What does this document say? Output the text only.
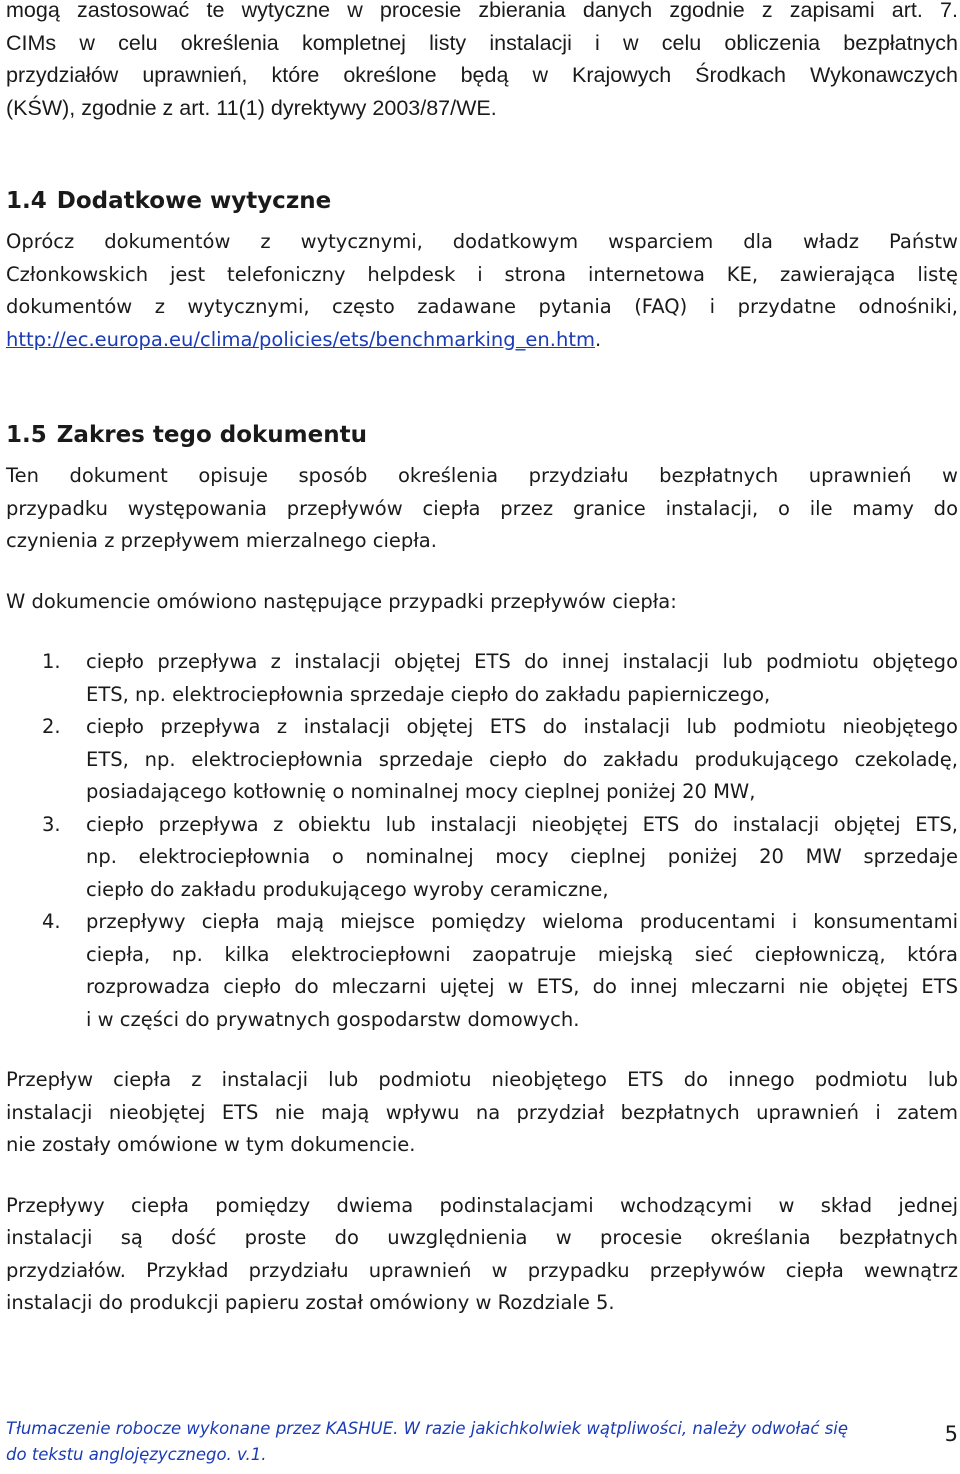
mogą zastosować te wytyczne w procesie zbierania danych zgodnie z zapisami art. 7.
CIMs w celu określenia kompletnej listy instalacji i w celu obliczenia bezpłatnych
przydziałów uprawnień, które określone będą w Krajowych Środkach Wykonawczych
(KŚW), zgodnie z art. 11(1) dyrektywy 2003/87/WE.
1.4 Dodatkowe wytyczne
Oprócz dokumentów z wytycznymi, dodatkowym wsparciem dla władz Państw
Członkowskich jest telefoniczny helpdesk i strona internetowa KE, zawierająca listę
dokumentów z wytycznymi, często zadawane pytania (FAQ) i przydatne odnośniki,
http://ec.europa.eu/clima/policies/ets/benchmarking_en.htm.
1.5 Zakres tego dokumentu
Ten dokument opisuje sposób określenia przydziału bezpłatnych uprawnień w
przypadku występowania przepływów ciepła przez granice instalacji, o ile mamy do
czynienia z przepływem mierzalnego ciepła.
W dokumencie omówiono następujące przypadki przepływów ciepła:
1. ciepło przepływa z instalacji objętej ETS do innej instalacji lub podmiotu objętego
ETS, np. elektrociepłownia sprzedaje ciepło do zakładu papierniczego,
2. ciepło przepływa z instalacji objętej ETS do instalacji lub podmiotu nieobjętego
ETS, np. elektrociepłownia sprzedaje ciepło do zakładu produkującego czekoladę,
posiadającego kotłownię o nominalnej mocy cieplnej poniżej 20 MW,
3. ciepło przepływa z obiektu lub instalacji nieobjętej ETS do instalacji objętej ETS,
np. elektrociepłownia o nominalnej mocy cieplnej poniżej 20 MW sprzedaje
ciepło do zakładu produkującego wyroby ceramiczne,
4. przepływy ciepła mają miejsce pomiędzy wieloma producentami i konsumentami
ciepła, np. kilka elektrociepłowni zaopatruje miejską sieć ciepłowniczą, która
rozprowadza ciepło do mleczarni ujętej w ETS, do innej mleczarni nie objętej ETS
i w części do prywatnych gospodarstw domowych.
Przepływ ciepła z instalacji lub podmiotu nieobjętego ETS do innego podmiotu lub
instalacji nieobjętej ETS nie mają wpływu na przydział bezpłatnych uprawnień i zatem
nie zostały omówione w tym dokumencie.
Przepływy ciepła pomiędzy dwiema podinstalacjami wchodzącymi w skład jednej
instalacji są dość proste do uwzględnienia w procesie określania bezpłatnych
przydziałów. Przykład przydziału uprawnień w przypadku przepływów ciepła wewnątrz
instalacji do produkcji papieru został omówiony w Rozdziale 5.
Tłumaczenie robocze wykonane przez KASHUE. W razie jakichkolwiek wątpliwości, należy odwołać się
do tekstu anglojęzycznego. v.1.
5
